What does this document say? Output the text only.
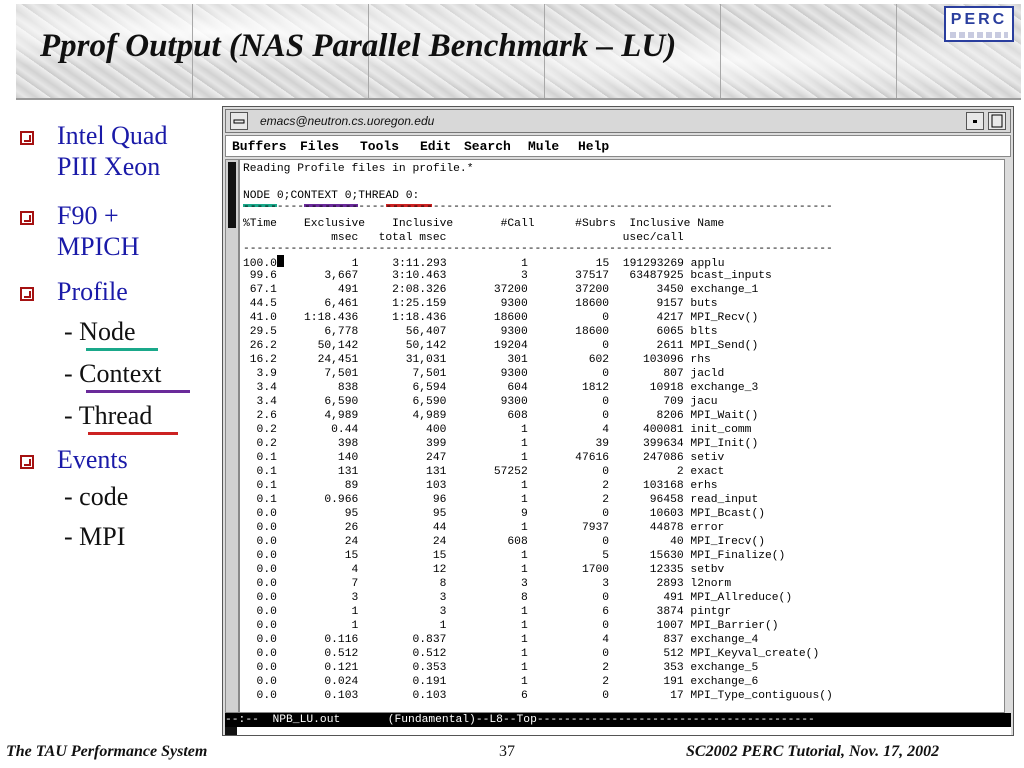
Pprof Output (NAS Parallel Benchmark – LU)
PERC
Intel Quad
PIII Xeon
F90 +
MPICH
Profile
- Node
- Context
- Thread
Events
- code
- MPI
emacs@neutron.cs.uoregon.edu
Buffers Files Tools Edit Search Mule Help
Reading Profile files in profile.*
NODE 0;CONTEXT 0;THREAD 0:
---------------------------------------------------------------------------------------
%Time    Exclusive    Inclusive       #Call      #Subrs  Inclusive Name
msec   total msec                          usec/call
---------------------------------------------------------------------------------------
100.0          1     3:11.293           1          15  191293269 applu
99.6       3,667     3:10.463           3       37517   63487925 bcast_inputs
67.1         491     2:08.326       37200       37200       3450 exchange_1
44.5       6,461     1:25.159        9300       18600       9157 buts
41.0    1:18.436     1:18.436       18600           0       4217 MPI_Recv()
29.5       6,778       56,407        9300       18600       6065 blts
26.2      50,142       50,142       19204           0       2611 MPI_Send()
16.2      24,451       31,031         301         602     103096 rhs
3.9       7,501        7,501        9300           0        807 jacld
3.4         838        6,594         604        1812      10918 exchange_3
3.4       6,590        6,590        9300           0        709 jacu
2.6       4,989        4,989         608           0       8206 MPI_Wait()
0.2        0.44          400           1           4     400081 init_comm
0.2         398          399           1          39     399634 MPI_Init()
0.1         140          247           1       47616     247086 setiv
0.1         131          131       57252           0          2 exact
0.1          89          103           1           2     103168 erhs
0.1       0.966           96           1           2      96458 read_input
0.0          95           95           9           0      10603 MPI_Bcast()
0.0          26           44           1        7937      44878 error
0.0          24           24         608           0         40 MPI_Irecv()
0.0          15           15           1           5      15630 MPI_Finalize()
0.0           4           12           1        1700      12335 setbv
0.0           7            8           3           3       2893 l2norm
0.0           3            3           8           0        491 MPI_Allreduce()
0.0           1            3           1           6       3874 pintgr
0.0           1            1           1           0       1007 MPI_Barrier()
0.0       0.116        0.837           1           4        837 exchange_4
0.0       0.512        0.512           1           0        512 MPI_Keyval_create()
0.0       0.121        0.353           1           2        353 exchange_5
0.0       0.024        0.191           1           2        191 exchange_6
0.0       0.103        0.103           6           0         17 MPI_Type_contiguous()
--:--  NPB_LU.out       (Fundamental)--L8--Top-----------------------------------------
The TAU Performance System	37	SC2002 PERC Tutorial, Nov. 17, 2002
